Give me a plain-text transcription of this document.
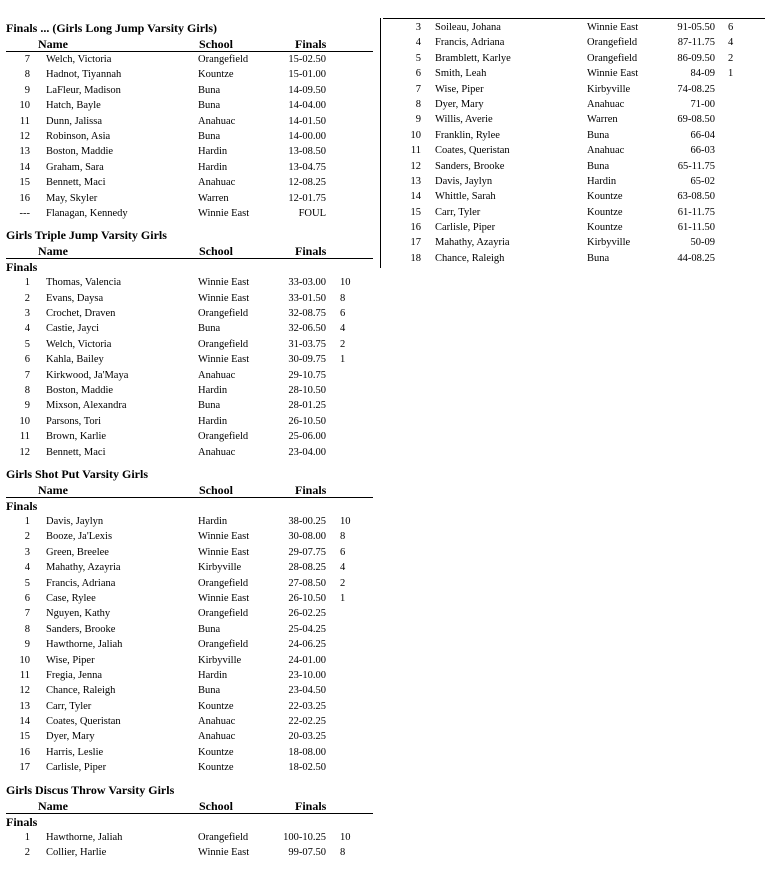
Finals ... (Girls Long Jump Varsity Girls)
Name	School	Finals
7 Welch, Victoria	Orangefield	15-02.50
8 Hadnot, Tiyannah	Kountze	15-01.00
9 LaFleur, Madison	Buna	14-09.50
10 Hatch, Bayle	Buna	14-04.00
11 Dunn, Jalissa	Anahuac	14-01.50
12 Robinson, Asia	Buna	14-00.00
13 Boston, Maddie	Hardin	13-08.50
14 Graham, Sara	Hardin	13-04.75
15 Bennett, Maci	Anahuac	12-08.25
16 May, Skyler	Warren	12-01.75
--- Flanagan, Kennedy	Winnie East	FOUL
Girls Triple Jump Varsity Girls
Name	School	Finals
Finals
1 Thomas, Valencia	Winnie East	33-03.00 10
2 Evans, Daysa	Winnie East	33-01.50 8
3 Crochet, Draven	Orangefield	32-08.75 6
4 Castie, Jayci	Buna	32-06.50 4
5 Welch, Victoria	Orangefield	31-03.75 2
6 Kahla, Bailey	Winnie East	30-09.75 1
7 Kirkwood, Ja'Maya	Anahuac	29-10.75
8 Boston, Maddie	Hardin	28-10.50
9 Mixson, Alexandra	Buna	28-01.25
10 Parsons, Tori	Hardin	26-10.50
11 Brown, Karlie	Orangefield	25-06.00
12 Bennett, Maci	Anahuac	23-04.00
Girls Shot Put Varsity Girls
Name	School	Finals
Finals
1 Davis, Jaylyn	Hardin	38-00.25 10
2 Booze, Ja'Lexis	Winnie East	30-08.00 8
3 Green, Breelee	Winnie East	29-07.75 6
4 Mahathy, Azayria	Kirbyville	28-08.25 4
5 Francis, Adriana	Orangefield	27-08.50 2
6 Case, Rylee	Winnie East	26-10.50 1
7 Nguyen, Kathy	Orangefield	26-02.25
8 Sanders, Brooke	Buna	25-04.25
9 Hawthorne, Jaliah	Orangefield	24-06.25
10 Wise, Piper	Kirbyville	24-01.00
11 Fregia, Jenna	Hardin	23-10.00
12 Chance, Raleigh	Buna	23-04.50
13 Carr, Tyler	Kountze	22-03.25
14 Coates, Queristan	Anahuac	22-02.25
15 Dyer, Mary	Anahuac	20-03.25
16 Harris, Leslie	Kountze	18-08.00
17 Carlisle, Piper	Kountze	18-02.50
Girls Discus Throw Varsity Girls
Name	School	Finals
Finals
1 Hawthorne, Jaliah	Orangefield	100-10.25 10
2 Collier, Harlie	Winnie East	99-07.50 8
3 Soileau, Johana	Winnie East	91-05.50 6
4 Francis, Adriana	Orangefield	87-11.75 4
5 Bramblett, Karlye	Orangefield	86-09.50 2
6 Smith, Leah	Winnie East	84-09 1
7 Wise, Piper	Kirbyville	74-08.25
8 Dyer, Mary	Anahuac	71-00
9 Willis, Averie	Warren	69-08.50
10 Franklin, Rylee	Buna	66-04
11 Coates, Queristan	Anahuac	66-03
12 Sanders, Brooke	Buna	65-11.75
13 Davis, Jaylyn	Hardin	65-02
14 Whittle, Sarah	Kountze	63-08.50
15 Carr, Tyler	Kountze	61-11.75
16 Carlisle, Piper	Kountze	61-11.50
17 Mahathy, Azayria	Kirbyville	50-09
18 Chance, Raleigh	Buna	44-08.25
